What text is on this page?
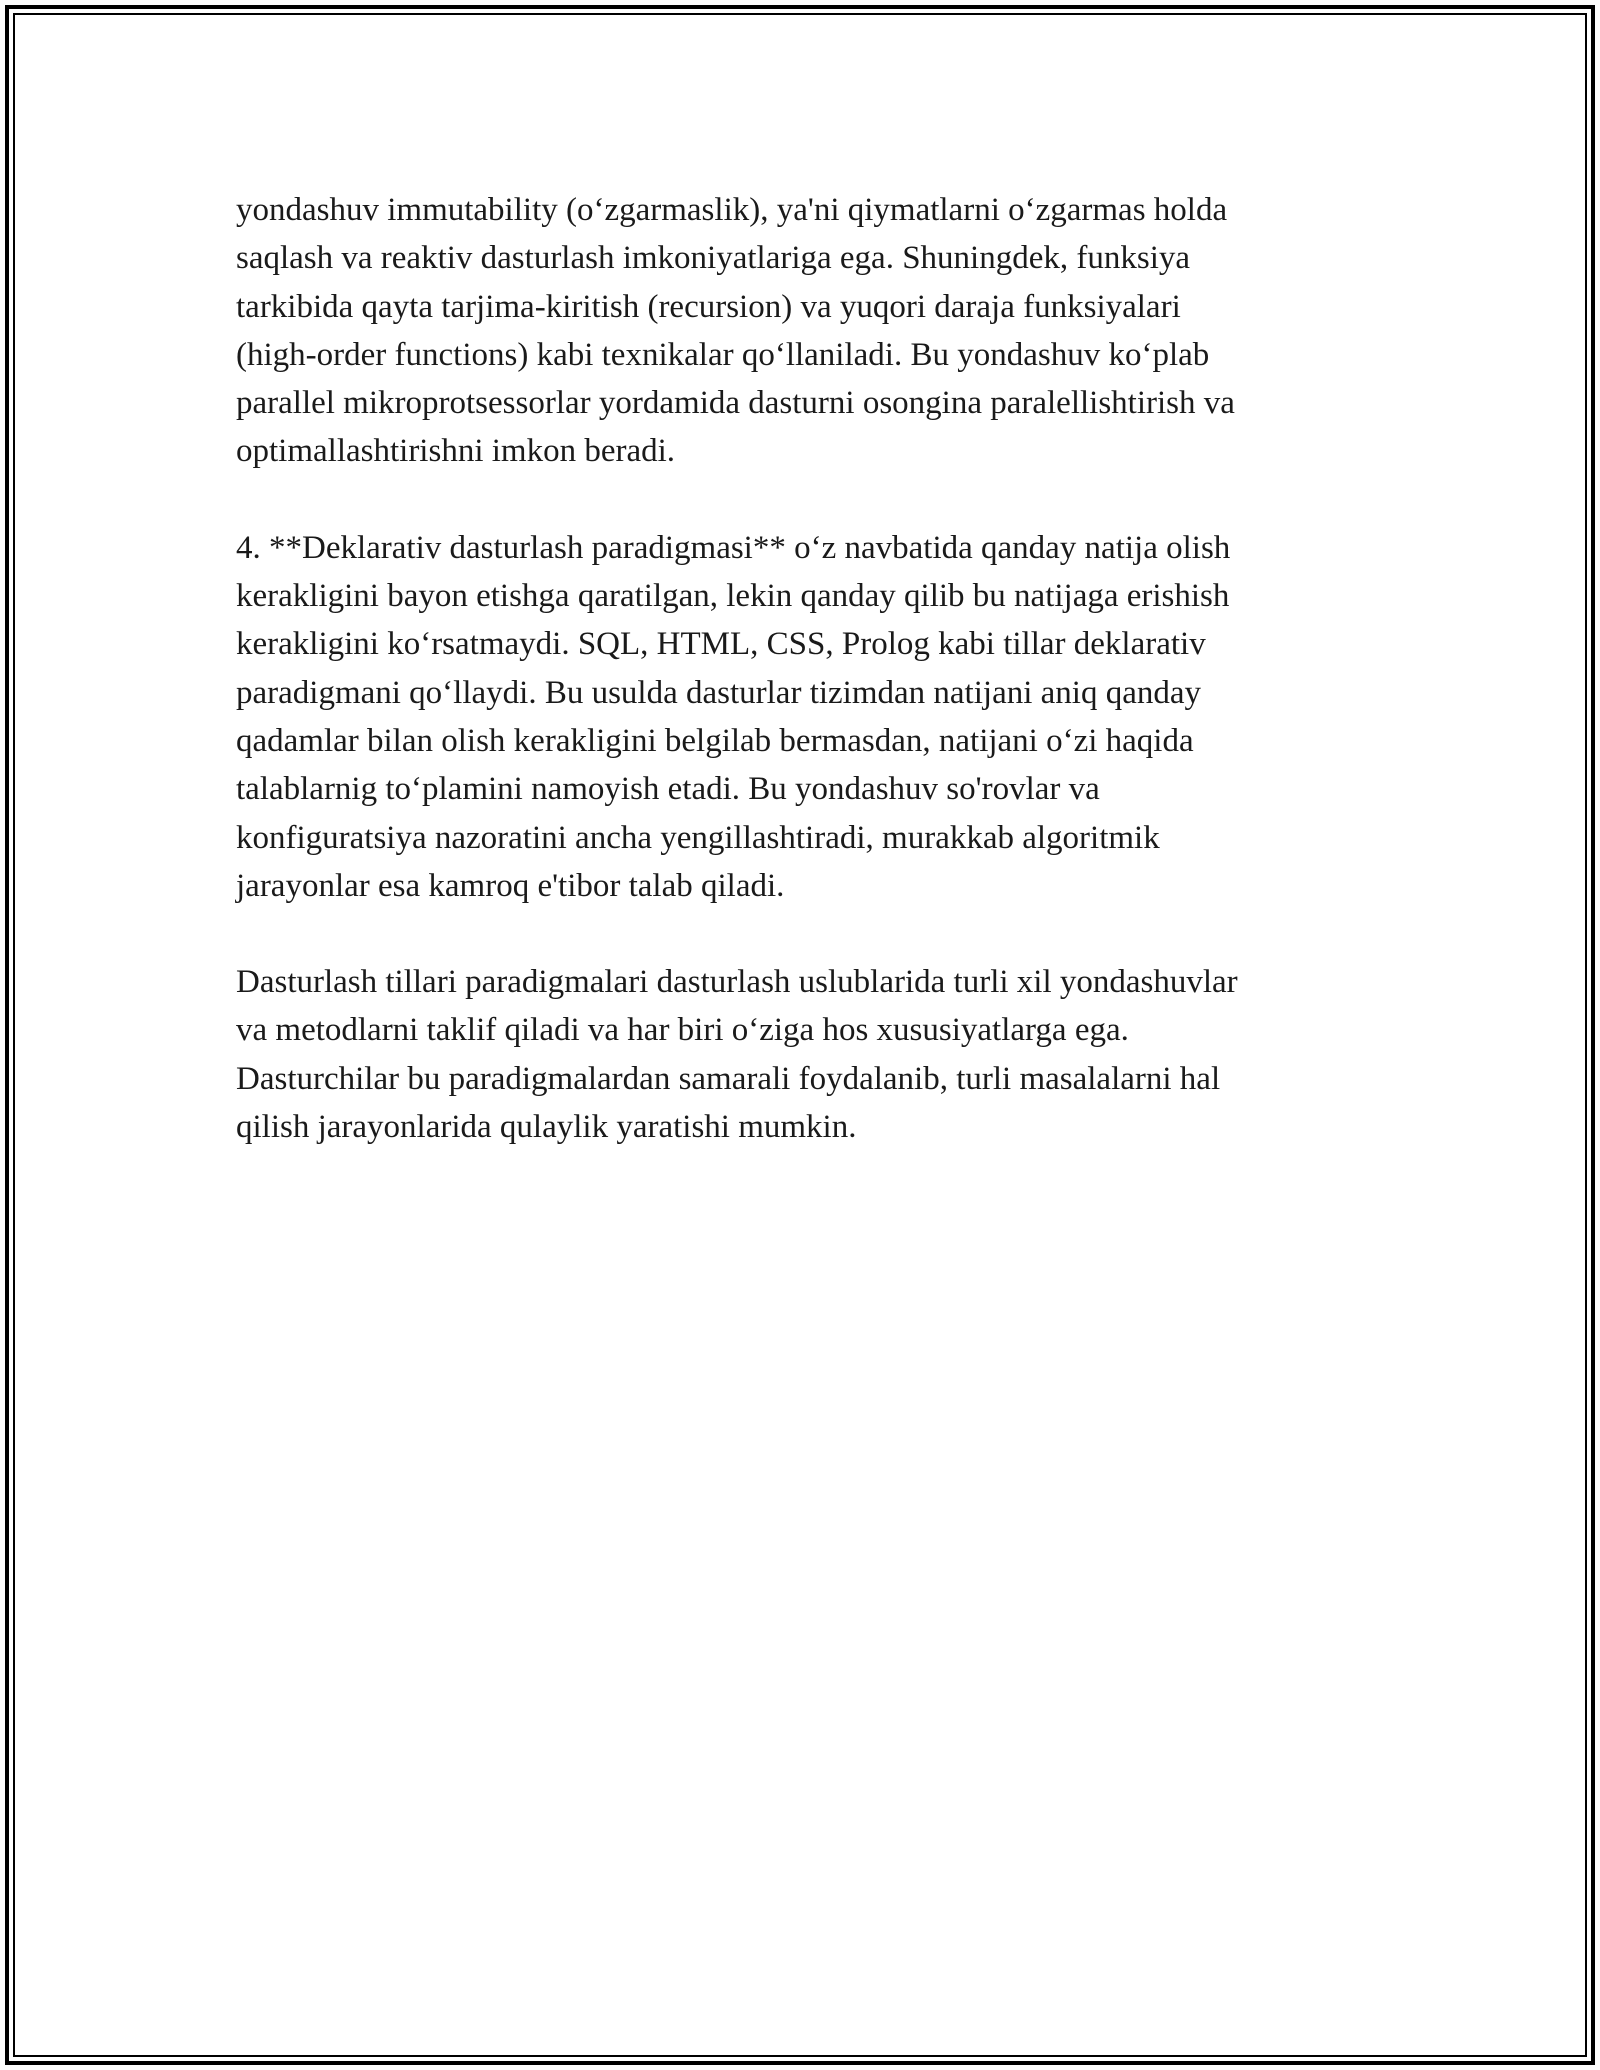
yondashuv immutability (oʻzgarmaslik), ya'ni qiymatlarni oʻzgarmas holda
saqlash va reaktiv dasturlash imkoniyatlariga ega. Shuningdek, funksiya
tarkibida qayta tarjima-kiritish (recursion) va yuqori daraja funksiyalari
(high-order functions) kabi texnikalar qoʻllaniladi. Bu yondashuv koʻplab
parallel mikroprotsessorlar yordamida dasturni osongina paralellishtirish va
optimallashtirishni imkon beradi.

4. **Deklarativ dasturlash paradigmasi** oʻz navbatida qanday natija olish
kerakligini bayon etishga qaratilgan, lekin qanday qilib bu natijaga erishish
kerakligini koʻrsatmaydi. SQL, HTML, CSS, Prolog kabi tillar deklarativ
paradigmani qoʻllaydi. Bu usulda dasturlar tizimdan natijani aniq qanday
qadamlar bilan olish kerakligini belgilab bermasdan, natijani oʻzi haqida
talablarnig toʻplamini namoyish etadi. Bu yondashuv so'rovlar va
konfiguratsiya nazoratini ancha yengillashtiradi, murakkab algoritmik
jarayonlar esa kamroq e'tibor talab qiladi.

Dasturlash tillari paradigmalari dasturlash uslublarida turli xil yondashuvlar
va metodlarni taklif qiladi va har biri oʻziga hos xususiyatlarga ega.
Dasturchilar bu paradigmalardan samarali foydalanib, turli masalalarni hal
qilish jarayonlarida qulaylik yaratishi mumkin.
